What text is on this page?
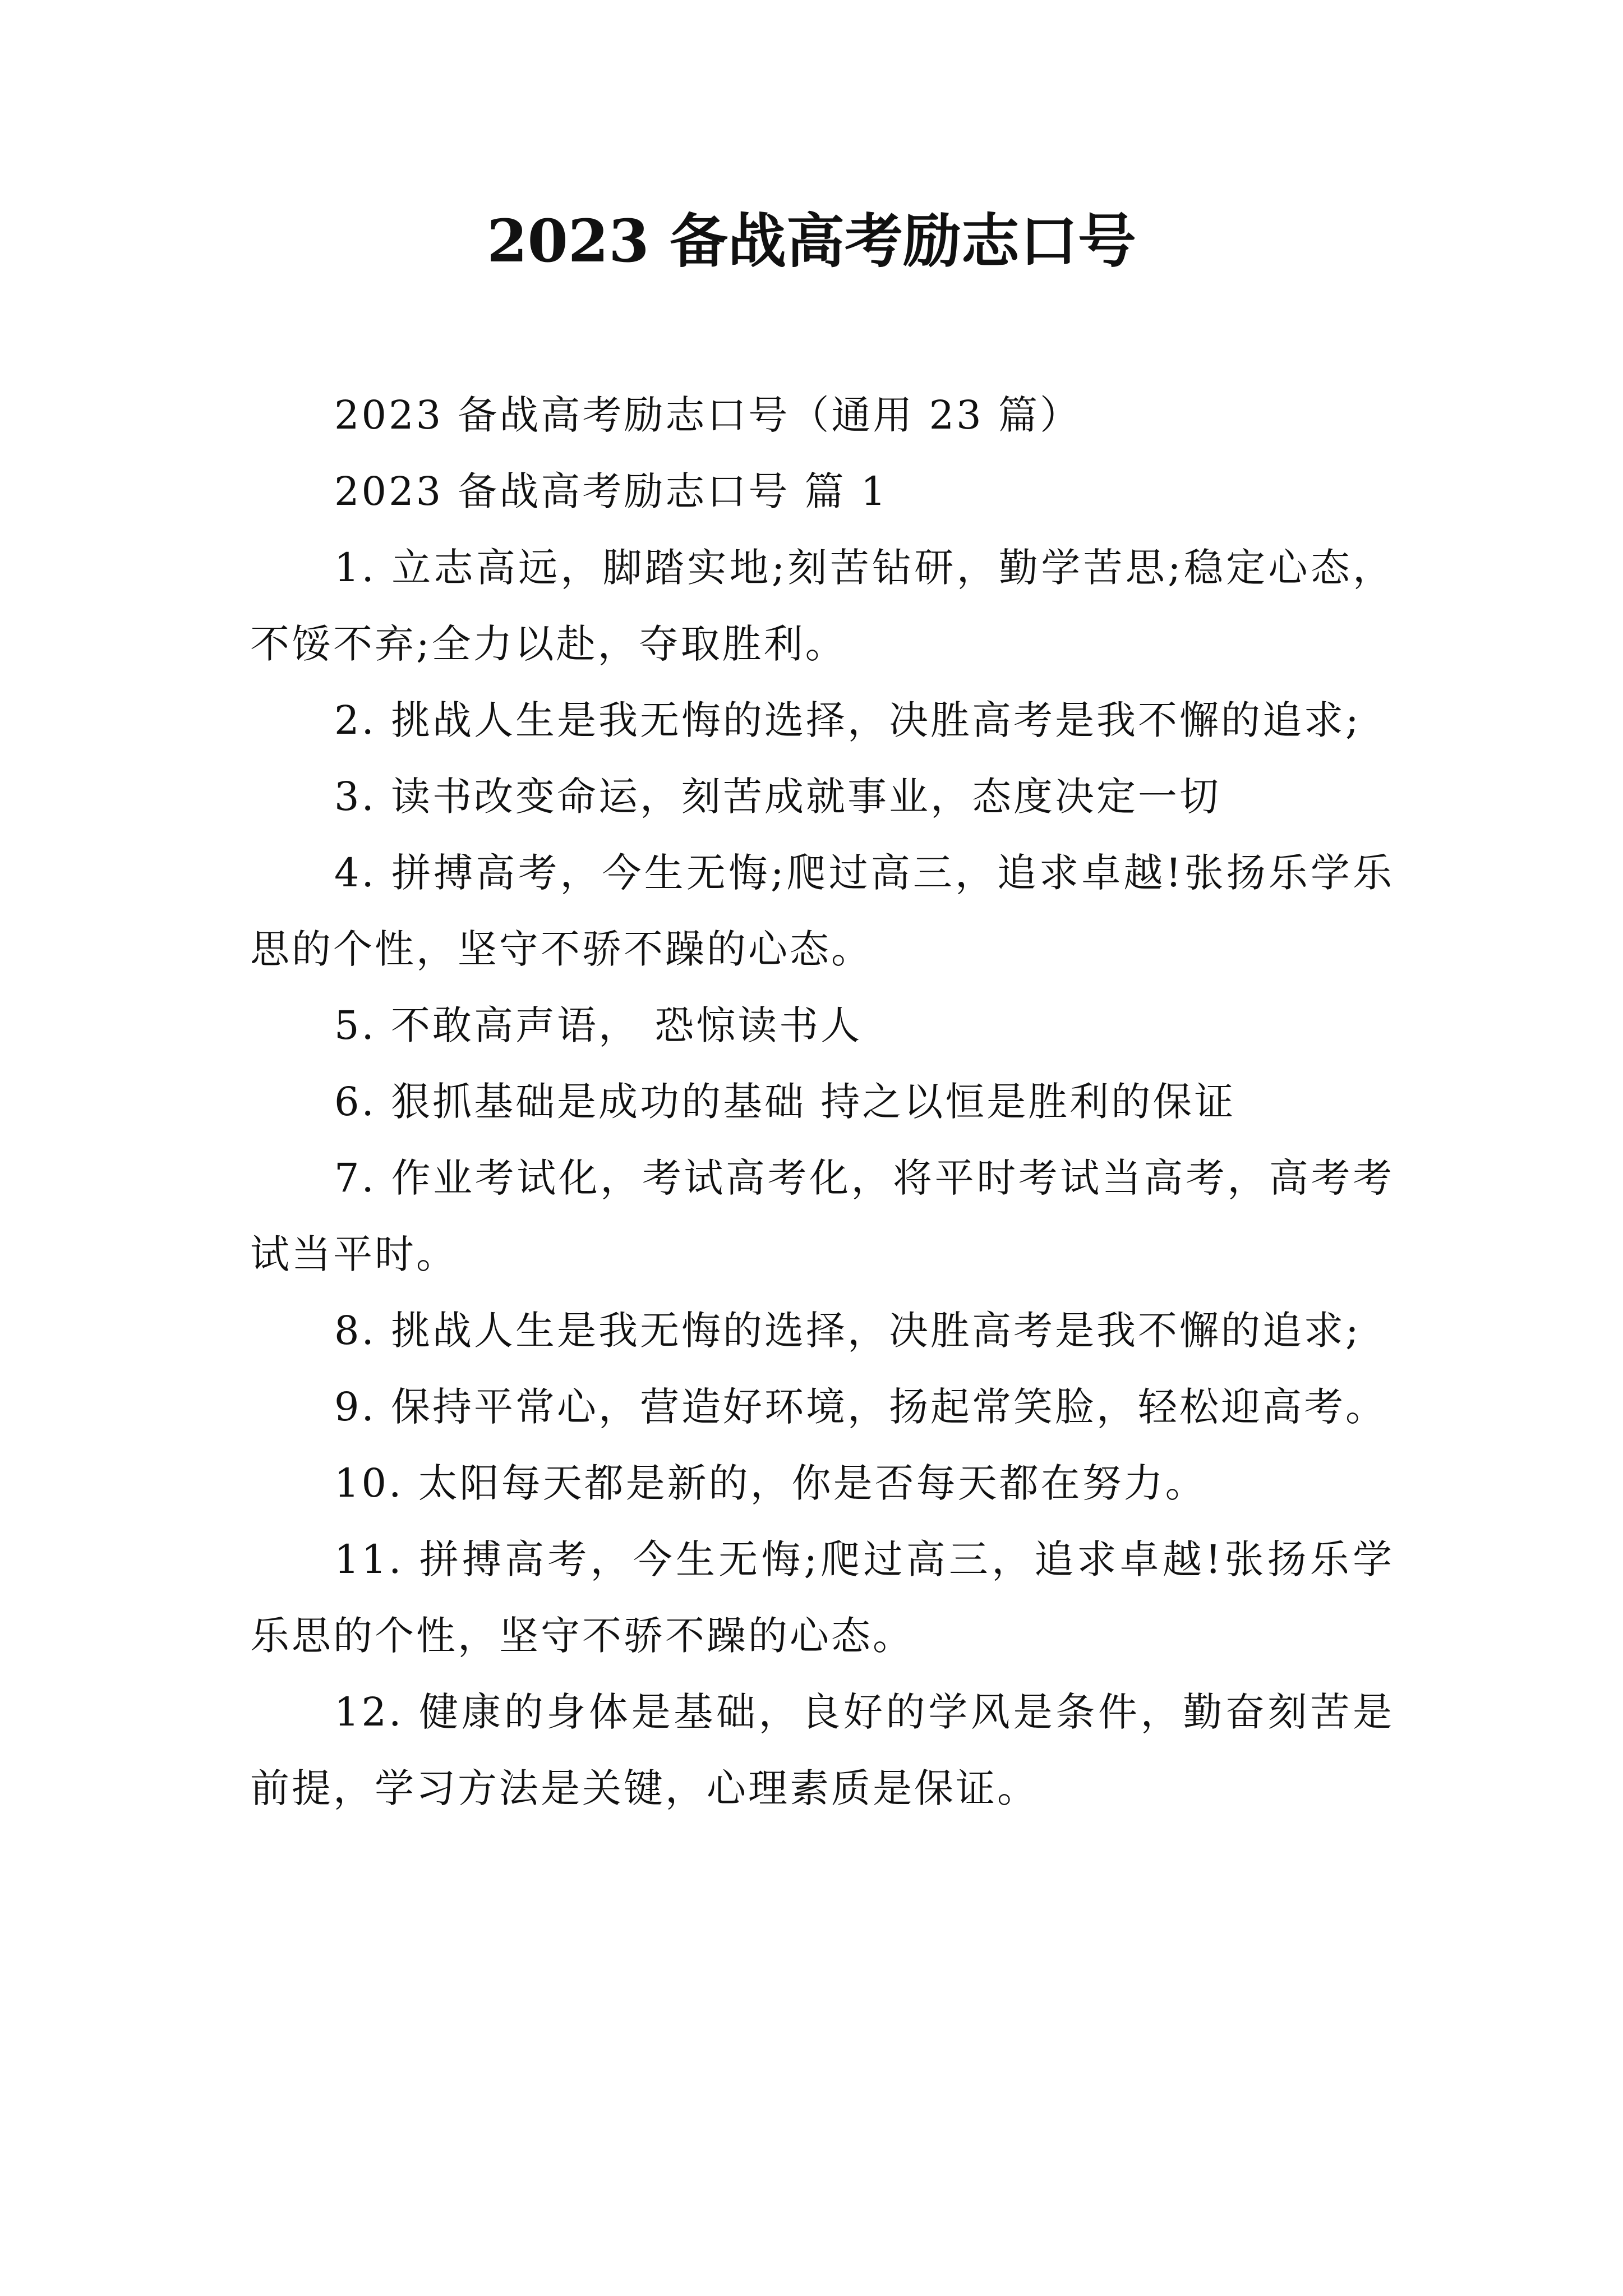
2023 备战高考励志口号

2023 备战高考励志口号（通用 23 篇）

2023 备战高考励志口号 篇 1

1. 立志高远，脚踏实地;刻苦钻研，勤学苦思;稳定心态，不馁不弃;全力以赴，夺取胜利。

2. 挑战人生是我无悔的选择，决胜高考是我不懈的追求;

3. 读书改变命运，刻苦成就事业，态度决定一切

4. 拼搏高考，今生无悔;爬过高三，追求卓越!张扬乐学乐思的个性，坚守不骄不躁的心态。

5. 不敢高声语， 恐惊读书人

6. 狠抓基础是成功的基础 持之以恒是胜利的保证

7. 作业考试化，考试高考化，将平时考试当高考，高考考试当平时。

8. 挑战人生是我无悔的选择，决胜高考是我不懈的追求;

9. 保持平常心，营造好环境，扬起常笑脸，轻松迎高考。

10. 太阳每天都是新的，你是否每天都在努力。

11. 拼搏高考，今生无悔;爬过高三，追求卓越!张扬乐学乐思的个性，坚守不骄不躁的心态。

12. 健康的身体是基础，良好的学风是条件，勤奋刻苦是前提，学习方法是关键，心理素质是保证。
